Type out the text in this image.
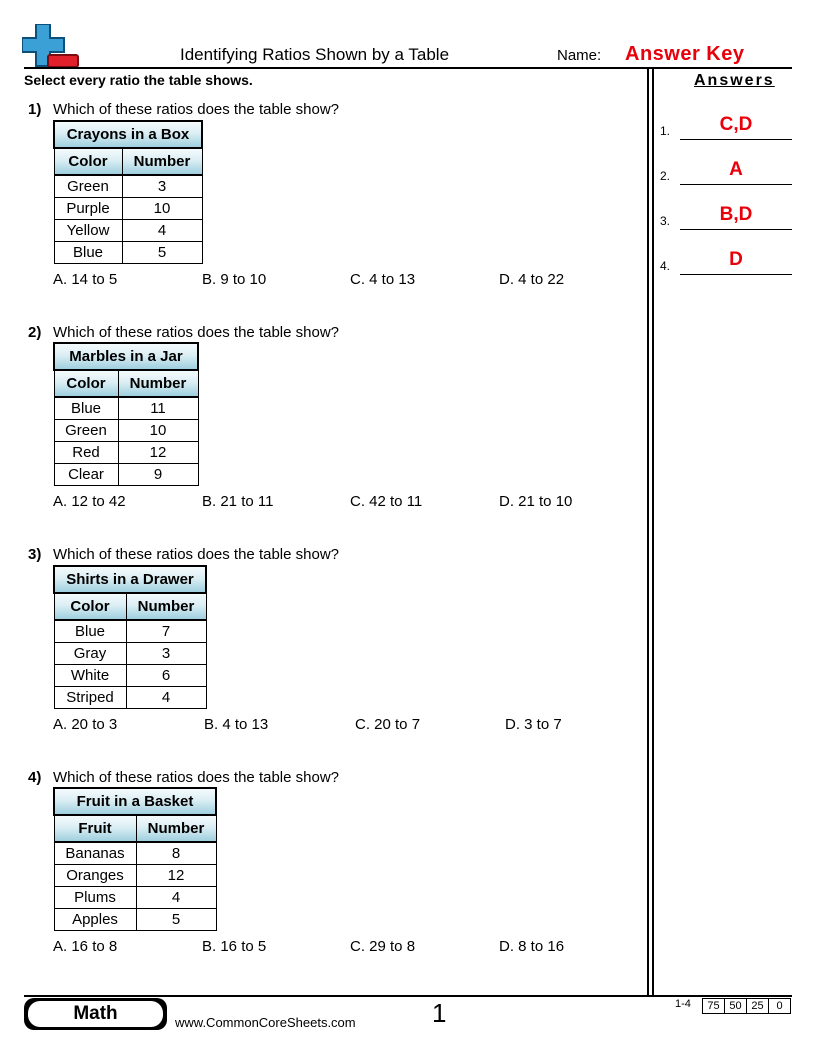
Identifying Ratios Shown by a Table	Name: Answer Key
Select every ratio the table shows.	Answers
1.	C,D
2.	A
3.	B,D
4.	D
1) Which of these ratios does the table show?
Crayons in a Box	
Color	Number
Green	3
Purple	10
Yellow	4
Blue	5
A. 14 to 5	B. 9 to 10	C. 4 to 13	D. 4 to 22
2) Which of these ratios does the table show?
Marbles in a Jar	
Color	Number
Blue	11
Green	10
Red	12
Clear	9
A. 12 to 42	B. 21 to 11	C. 42 to 11	D. 21 to 10
3) Which of these ratios does the table show?
Shirts in a Drawer	
Color	Number
Blue	7
Gray	3
White	6
Striped	4
A. 20 to 3	B. 4 to 13	C. 20 to 7	D. 3 to 7
4) Which of these ratios does the table show?
Fruit in a Basket	
Fruit	Number
Bananas	8
Oranges	12
Plums	4
Apples	5
A. 16 to 8	B. 16 to 5	C. 29 to 8	D. 8 to 16
Math	www.CommonCoreSheets.com	1	1-4	75 50 25	0
